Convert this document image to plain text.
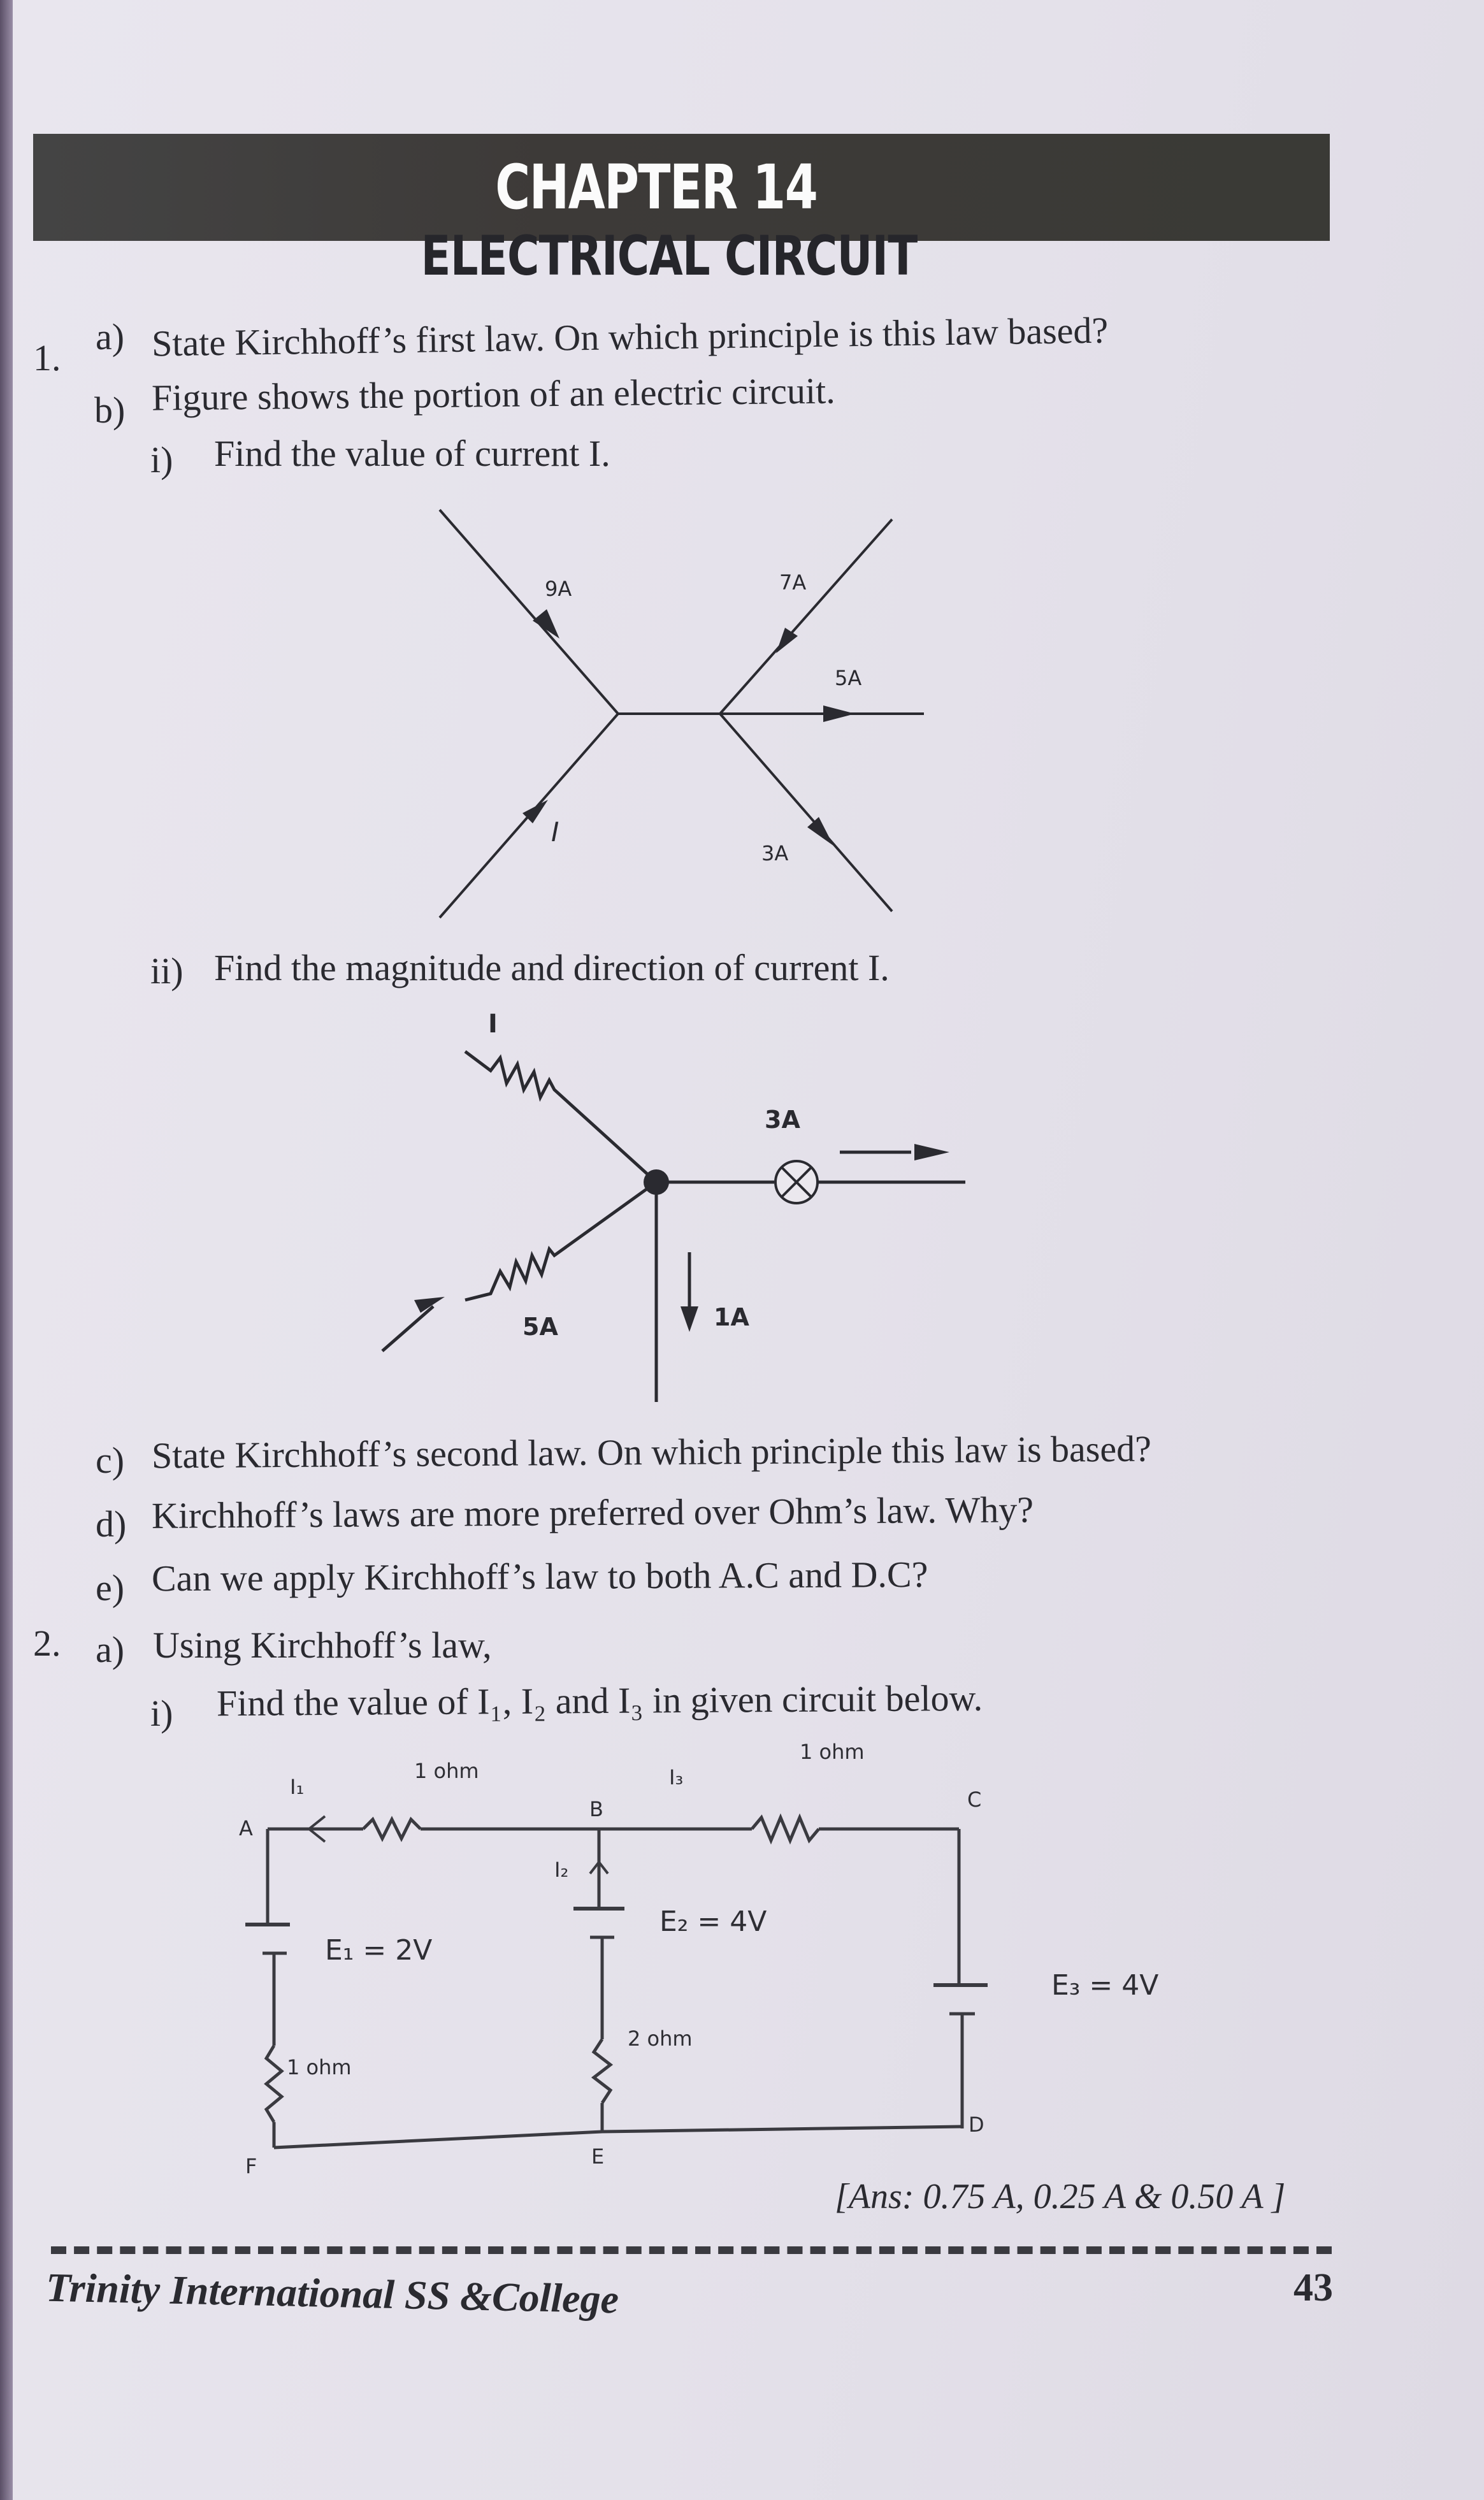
CHAPTER 14
ELECTRICAL CIRCUIT
1.
a) State Kirchhoff’s first law. On which principle is this law based?
b) Figure shows the portion of an electric circuit.
i) Find the value of current I.
9A
I
7A
5A
3A
ii) Find the magnitude and direction of current I.
I
3A
5A	1A
c) State Kirchhoff’s second law. On which principle this law is based?
d) Kirchhoff’s laws are more preferred over Ohm’s law. Why?
e) Can we apply Kirchhoff’s law to both A.C and D.C?
2. a) Using Kirchhoff’s law,
i) Find the value of I₁, I₂ and I₃ in given circuit below.
A
B	C
D
E
F
1 ohm
1 ohm
1 ohm
2 ohm
I₁
I₂
I₃
E₁ = 2V
E₂ = 4V
E₃ = 4V
[Ans: 0.75 A, 0.25 A & 0.50 A ]
Trinity International SS &College	43
